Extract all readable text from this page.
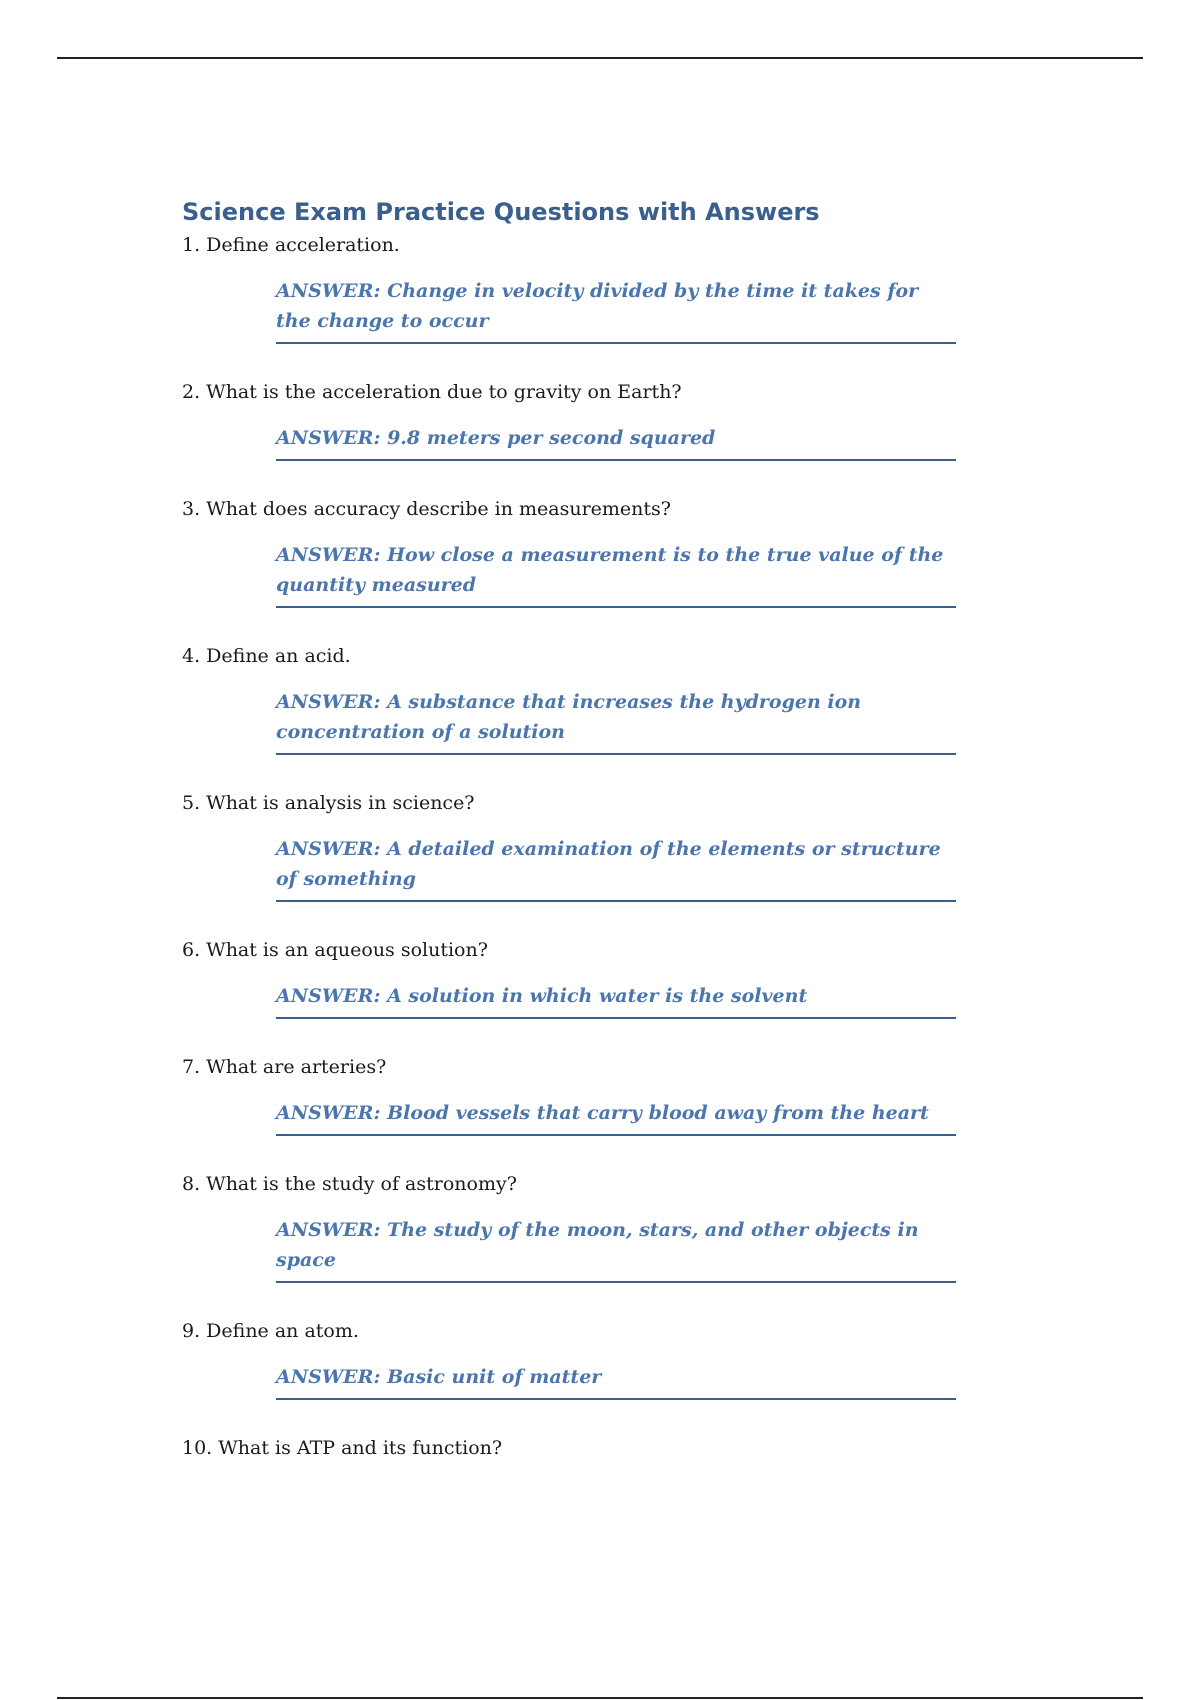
Science Exam Practice Questions with Answers

1. Define acceleration.

ANSWER: Change in velocity divided by the time it takes for the change to occur

2. What is the acceleration due to gravity on Earth?

ANSWER: 9.8 meters per second squared

3. What does accuracy describe in measurements?

ANSWER: How close a measurement is to the true value of the quantity measured

4. Define an acid.

ANSWER: A substance that increases the hydrogen ion concentration of a solution

5. What is analysis in science?

ANSWER: A detailed examination of the elements or structure of something

6. What is an aqueous solution?

ANSWER: A solution in which water is the solvent

7. What are arteries?

ANSWER: Blood vessels that carry blood away from the heart

8. What is the study of astronomy?

ANSWER: The study of the moon, stars, and other objects in space

9. Define an atom.

ANSWER: Basic unit of matter

10. What is ATP and its function?
